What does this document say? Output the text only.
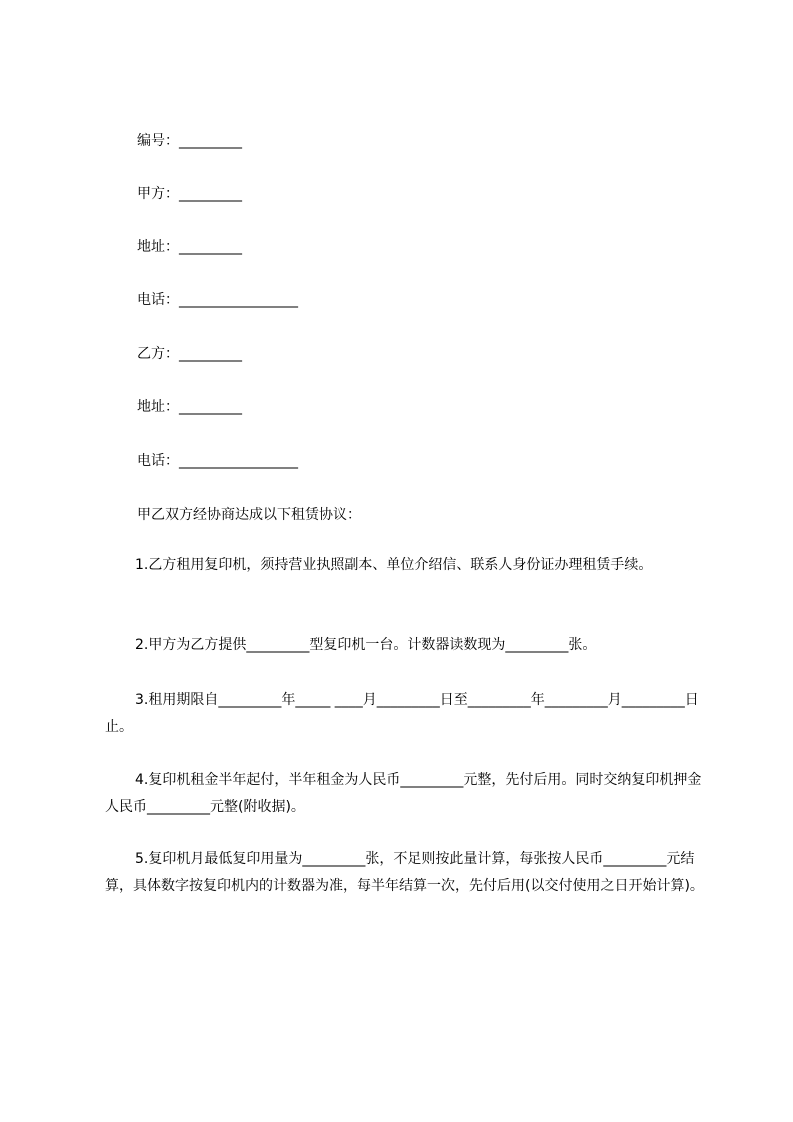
编号：_________
甲方：_________
地址：_________
电话：_________________
乙方：_________
地址：_________
电话：_________________
甲乙双方经协商达成以下租赁协议：
1.乙方租用复印机，须持营业执照副本、单位介绍信、联系人身份证办理租赁手续。
2.甲方为乙方提供_________型复印机一台。计数器读数现为_________张。
3.租用期限自_________年_____ ____月_________日至_________年_________月_________日止。
4.复印机租金半年起付，半年租金为人民币_________元整，先付后用。同时交纳复印机押金人民币_________元整(附收据)。
5.复印机月最低复印用量为_________张，不足则按此量计算，每张按人民币_________元结算，具体数字按复印机内的计数器为准，每半年结算一次，先付后用(以交付使用之日开始计算)。
